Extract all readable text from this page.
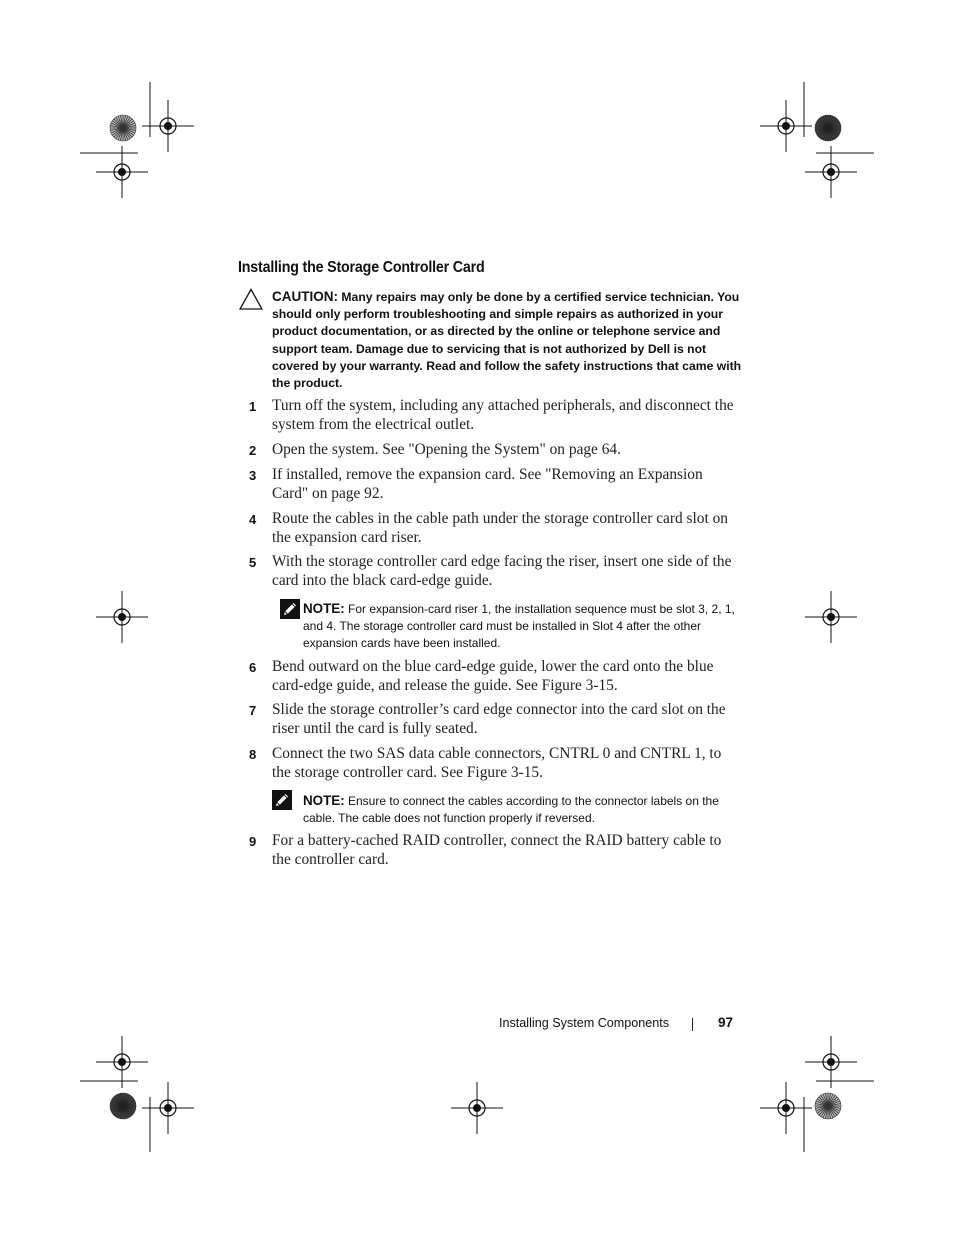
Installing the Storage Controller Card
CAUTION: Many repairs may only be done by a certified service technician. You should only perform troubleshooting and simple repairs as authorized in your product documentation, or as directed by the online or telephone service and support team. Damage due to servicing that is not authorized by Dell is not covered by your warranty. Read and follow the safety instructions that came with the product.
1 Turn off the system, including any attached peripherals, and disconnect the system from the electrical outlet.
2 Open the system. See "Opening the System" on page 64.
3 If installed, remove the expansion card. See "Removing an Expansion Card" on page 92.
4 Route the cables in the cable path under the storage controller card slot on the expansion card riser.
5 With the storage controller card edge facing the riser, insert one side of the card into the black card-edge guide.
NOTE: For expansion-card riser 1, the installation sequence must be slot 3, 2, 1, and 4. The storage controller card must be installed in Slot 4 after the other expansion cards have been installed.
6 Bend outward on the blue card-edge guide, lower the card onto the blue card-edge guide, and release the guide. See Figure 3-15.
7 Slide the storage controller’s card edge connector into the card slot on the riser until the card is fully seated.
8 Connect the two SAS data cable connectors, CNTRL 0 and CNTRL 1, to the storage controller card. See Figure 3-15.
NOTE: Ensure to connect the cables according to the connector labels on the cable. The cable does not function properly if reversed.
9 For a battery-cached RAID controller, connect the RAID battery cable to the controller card.
Installing System Components	97
